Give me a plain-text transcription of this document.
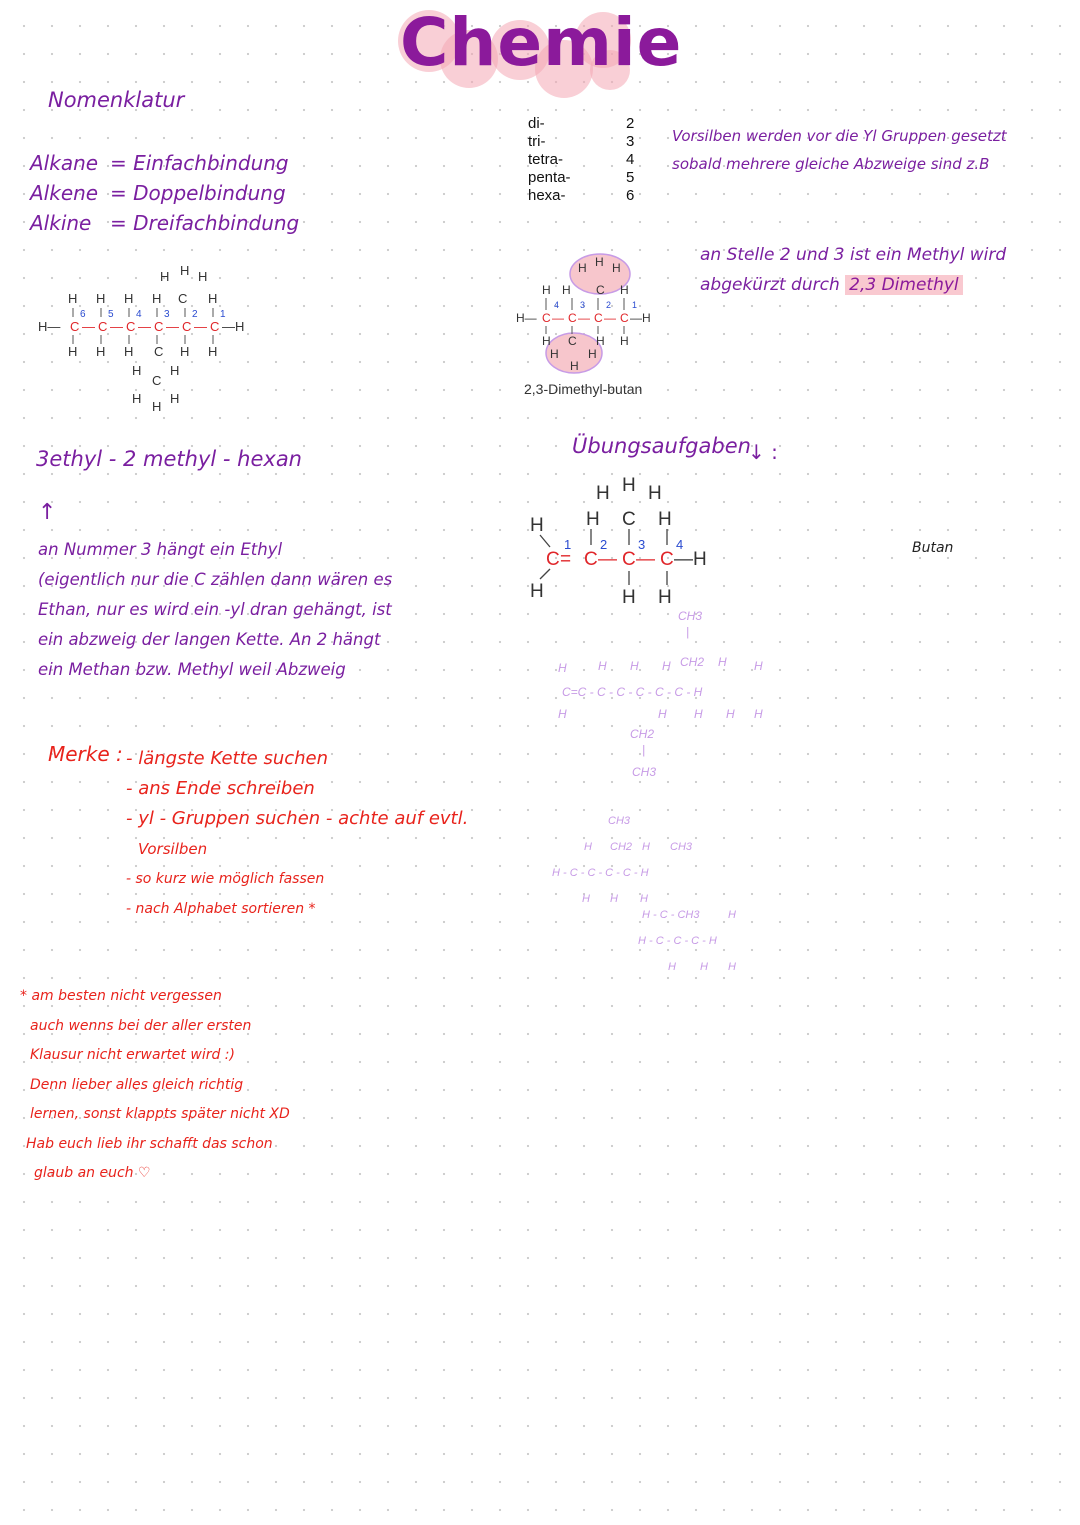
Chemie
Nomenklatur
Alkane = Einfachbindung
Alkene = Doppelbindung
Alkine = Dreifachbindung
H H H H	H
H H H
C
H— C — C — C — C — C — C —H
H H H	H H
C
H H
C
H
H
H
6 5 4 3 2 1
di-	2
tri-	3
tetra-	4
penta-	5
hexa-	6
Vorsilben werden vor die Yl Gruppen gesetzt
sobald mehrere gleiche Abzweige sind z.B
an Stelle 2 und 3 ist ein Methyl wird
abgekürzt durch 2,3 Dimethyl
H H H
C
H H	H
H— C — C — C — C —H
H C H H
H H
H
4 3 2 1
2,3-Dimethyl-butan
3ethyl - 2 methyl - hexan
↑
an Nummer 3 hängt ein Ethyl
(eigentlich nur die C zählen dann wären es
Ethan, nur es wird ein -yl dran gehängt, ist
ein abzweig der langen Kette. An 2 hängt
ein Methan bzw. Methyl weil Abzweig
Übungsaufgaben
↓ :
Butan
H H H
C
H H	H
C = C — C — C —H
H	H H
1 2 3 4
CH3
|
CH2 H
H	H H H	H
C=C - C - C - C - C - C - H
H	H H H H
CH2
|
CH3
CH3
H CH2 H CH3
H - C - C - C - C - H
H H H
H - C - CH3	H
H - C - C - C - H
H H H
Merke : - längste Kette suchen
- ans Ende schreiben
- yl - Gruppen suchen - achte auf evtl.
Vorsilben
- so kurz wie möglich fassen
- nach Alphabet sortieren *
* am besten nicht vergessen
auch wenns bei der aller ersten
Klausur nicht erwartet wird :)
Denn lieber alles gleich richtig
lernen, sonst klappts später nicht XD
Hab euch lieb ihr schafft das schon
glaub an euch ♡
